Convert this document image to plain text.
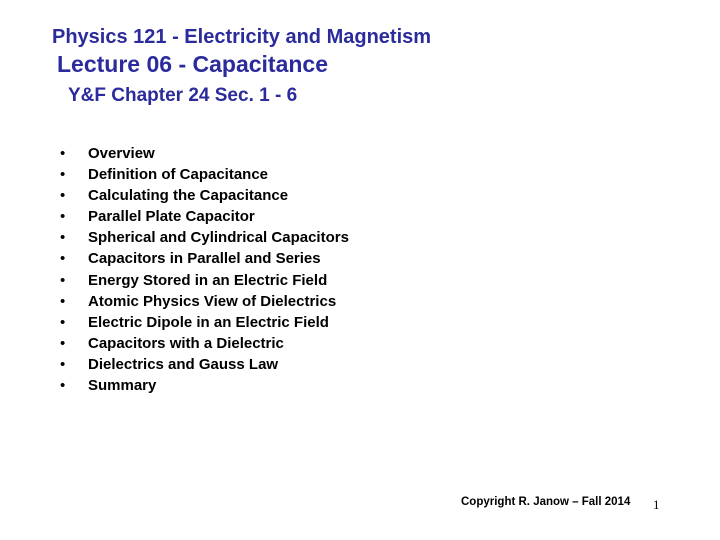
Physics 121 - Electricity and Magnetism
Lecture 06 - Capacitance
Y&F Chapter 24 Sec. 1 - 6
•	Overview
•	Definition of Capacitance
•	Calculating the Capacitance
•	Parallel Plate Capacitor
•	Spherical and Cylindrical Capacitors
•	Capacitors in Parallel and Series
•	Energy Stored in an Electric Field
•	Atomic Physics View of Dielectrics
•	Electric Dipole in an Electric Field
•	Capacitors with a Dielectric
•	Dielectrics and Gauss Law
•	Summary
Copyright R. Janow – Fall 2014 1
